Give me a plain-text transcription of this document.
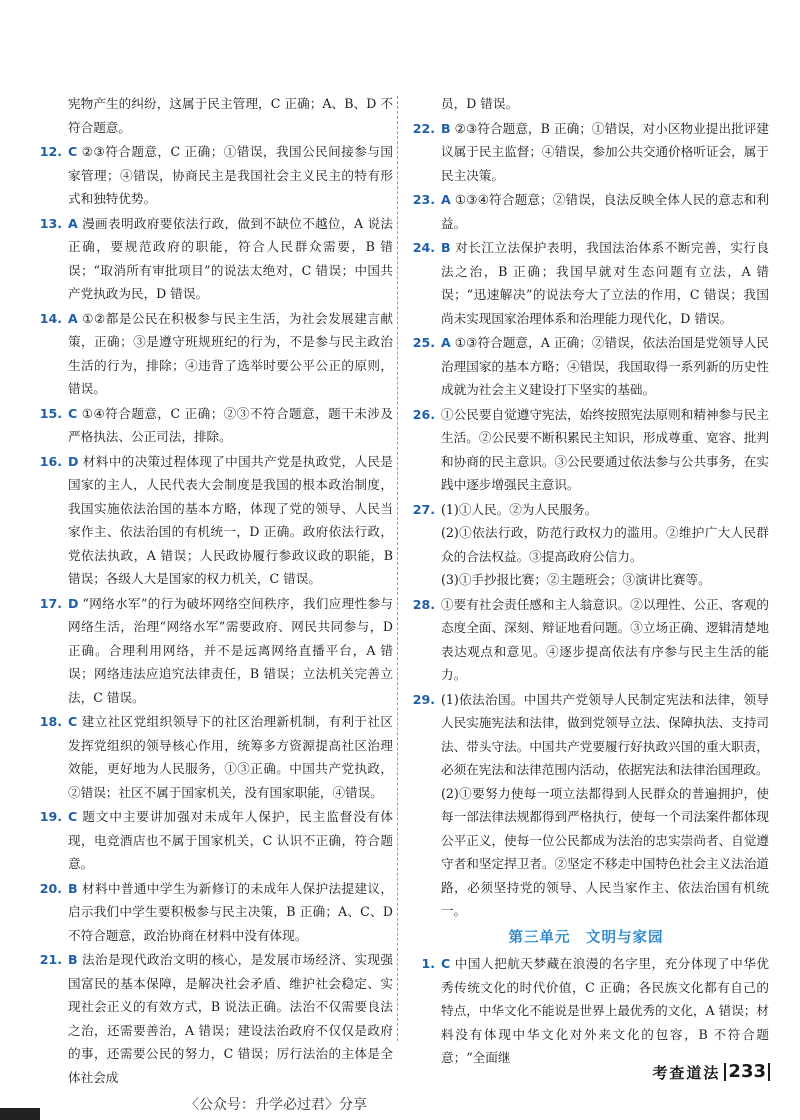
宪物产生的纠纷，这属于民主管理，C 正确；A、B、D 不符合题意。

12. C ②③符合题意，C 正确；①错误，我国公民间接参与国家管理；④错误，协商民主是我国社会主义民主的特有形式和独特优势。

13. A 漫画表明政府要依法行政，做到不缺位不越位，A 说法正确，要规范政府的职能，符合人民群众需要，B 错误；“取消所有审批项目”的说法太绝对，C 错误；中国共产党执政为民，D 错误。

14. A ①②都是公民在积极参与民主生活，为社会发展建言献策，正确；③是遵守班规班纪的行为，不是参与民主政治生活的行为，排除；④违背了选举时要公平公正的原则，错误。

15. C ①④符合题意，C 正确；②③不符合题意，题干未涉及严格执法、公正司法，排除。

16. D 材料中的决策过程体现了中国共产党是执政党，人民是国家的主人，人民代表大会制度是我国的根本政治制度，我国实施依法治国的基本方略，体现了党的领导、人民当家作主、依法治国的有机统一，D 正确。政府依法行政，党依法执政，A 错误；人民政协履行参政议政的职能，B 错误；各级人大是国家的权力机关，C 错误。

17. D “网络水军”的行为破坏网络空间秩序，我们应理性参与网络生活，治理“网络水军”需要政府、网民共同参与，D 正确。合理利用网络，并不是远离网络直播平台，A 错误；网络违法应追究法律责任，B 错误；立法机关完善立法，C 错误。

18. C 建立社区党组织领导下的社区治理新机制，有利于社区发挥党组织的领导核心作用，统筹多方资源提高社区治理效能，更好地为人民服务，①③正确。中国共产党执政，②错误；社区不属于国家机关，没有国家职能，④错误。

19. C 题文中主要讲加强对未成年人保护，民主监督没有体现，电竞酒店也不属于国家机关，C 认识不正确，符合题意。

20. B 材料中普通中学生为新修订的未成年人保护法提建议，启示我们中学生要积极参与民主决策，B 正确；A、C、D 不符合题意，政治协商在材料中没有体现。

21. B 法治是现代政治文明的核心，是发展市场经济、实现强国富民的基本保障，是解决社会矛盾、维护社会稳定、实现社会正义的有效方式，B 说法正确。法治不仅需要良法之治，还需要善治，A 错误；建设法治政府不仅仅是政府的事，还需要公民的努力，C 错误；厉行法治的主体是全体社会成

员，D 错误。

22. B ②③符合题意，B 正确；①错误，对小区物业提出批评建议属于民主监督；④错误，参加公共交通价格听证会，属于民主决策。

23. A ①③④符合题意；②错误，良法反映全体人民的意志和利益。

24. B 对长江立法保护表明，我国法治体系不断完善，实行良法之治，B 正确；我国早就对生态问题有立法，A 错误；“迅速解决”的说法夸大了立法的作用，C 错误；我国尚未实现国家治理体系和治理能力现代化，D 错误。

25. A ①③符合题意，A 正确；②错误，依法治国是党领导人民治理国家的基本方略；④错误，我国取得一系列新的历史性成就为社会主义建设打下坚实的基础。

26. ①公民要自觉遵守宪法，始终按照宪法原则和精神参与民主生活。②公民要不断积累民主知识，形成尊重、宽容、批判和协商的民主意识。③公民要通过依法参与公共事务，在实践中逐步增强民主意识。

27. (1)①人民。②为人民服务。

(2)①依法行政，防范行政权力的滥用。②维护广大人民群众的合法权益。③提高政府公信力。

(3)①手抄报比赛；②主题班会；③演讲比赛等。

28. ①要有社会责任感和主人翁意识。②以理性、公正、客观的态度全面、深刻、辩证地看问题。③立场正确、逻辑清楚地表达观点和意见。④逐步提高依法有序参与民主生活的能力。

29. (1)依法治国。中国共产党领导人民制定宪法和法律，领导人民实施宪法和法律，做到党领导立法、保障执法、支持司法、带头守法。中国共产党要履行好执政兴国的重大职责，必须在宪法和法律范围内活动，依据宪法和法律治国理政。

(2)①要努力使每一项立法都得到人民群众的普遍拥护，使每一部法律法规都得到严格执行，使每一个司法案件都体现公平正义，使每一位公民都成为法治的忠实崇尚者、自觉遵守者和坚定捍卫者。②坚定不移走中国特色社会主义法治道路，必须坚持党的领导、人民当家作主、依法治国有机统一。

第三单元　文明与家园
1. C 中国人把航天梦藏在浪漫的名字里，充分体现了中华优秀传统文化的时代价值，C 正确；各民族文化都有自己的特点，中华文化不能说是世界上最优秀的文化，A 错误；材料没有体现中华文化对外来文化的包容，B 不符合题意；“全面继

考查道法 233
〈公众号：升学必过君〉分享
